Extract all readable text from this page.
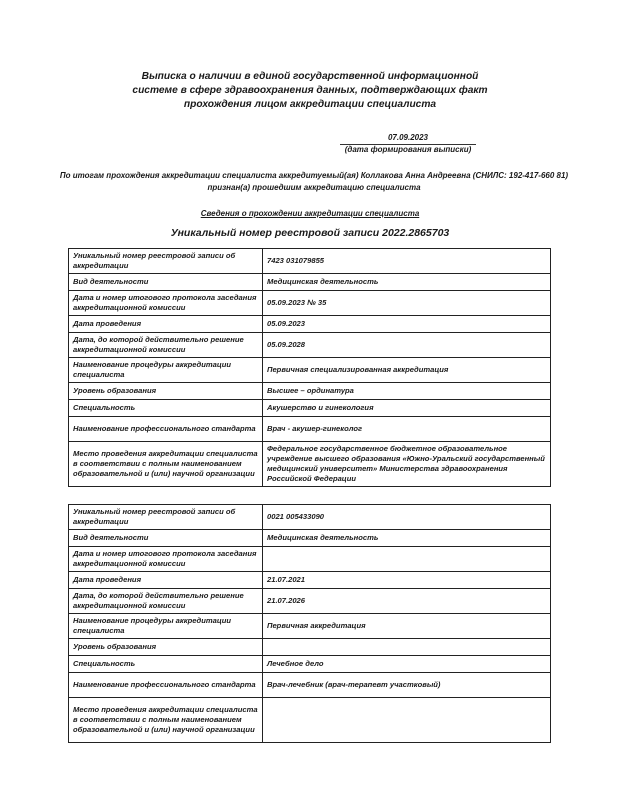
Выписка о наличии в единой государственной информационной
системе в сфере здравоохранения данных, подтверждающих факт
прохождения лицом аккредитации специалиста
07.09.2023
(дата формирования выписки)
По итогам прохождения аккредитации специалиста аккредитуемый(ая) Коллакова Анна Андреевна (СНИЛС: 192-417-660 81) признан(а) прошедшим аккредитацию специалиста
Сведения о прохождении аккредитации специалиста
Уникальный номер реестровой записи 2022.2865703
Уникальный номер реестровой записи об аккредитации	7423 031079855
Вид деятельности	Медицинская деятельность
Дата и номер итогового протокола заседания аккредитационной комиссии	05.09.2023 № 35
Дата проведения	05.09.2023
Дата, до которой действительно решение аккредитационной комиссии	05.09.2028
Наименование процедуры аккредитации специалиста	Первичная специализированная аккредитация
Уровень образования	Высшее – ординатура
Специальность	Акушерство и гинекология
Наименование профессионального стандарта	Врач - акушер-гинеколог
Место проведения аккредитации специалиста в соответствии с полным наименованием образовательной и (или) научной организации	Федеральное государственное бюджетное образовательное учреждение высшего образования «Южно-Уральский государственный медицинский университет» Министерства здравоохранения Российской Федерации
Уникальный номер реестровой записи об аккредитации	0021 005433090
Вид деятельности	Медицинская деятельность
Дата и номер итогового протокола заседания аккредитационной комиссии	
Дата проведения	21.07.2021
Дата, до которой действительно решение аккредитационной комиссии	21.07.2026
Наименование процедуры аккредитации специалиста	Первичная аккредитация
Уровень образования	
Специальность	Лечебное дело
Наименование профессионального стандарта	Врач-лечебник (врач-терапевт участковый)
Место проведения аккредитации специалиста в соответствии с полным наименованием образовательной и (или) научной организации	
